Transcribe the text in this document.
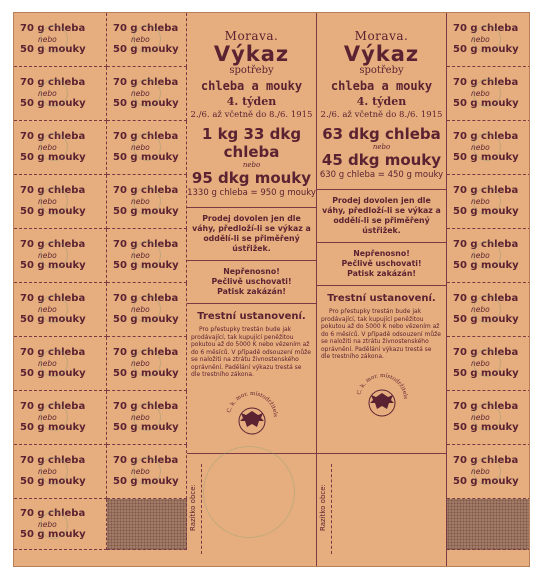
70 g chleba
nebo
50 g mouky
70 g chleba
nebo
50 g mouky
70 g chleba
nebo
50 g mouky
70 g chleba
nebo
50 g mouky
70 g chleba
nebo
50 g mouky
70 g chleba
nebo
50 g mouky
70 g chleba
nebo
50 g mouky
70 g chleba
nebo
50 g mouky
70 g chleba
nebo
50 g mouky
70 g chleba
nebo
50 g mouky
70 g chleba
nebo
50 g mouky
70 g chleba
nebo
50 g mouky
70 g chleba
nebo
50 g mouky
70 g chleba
nebo
50 g mouky
70 g chleba
nebo
50 g mouky
70 g chleba
nebo
50 g mouky
70 g chleba
nebo
50 g mouky
70 g chleba
nebo
50 g mouky
70 g chleba
nebo
50 g mouky
Morava.
Výkaz
spotřeby
chleba a mouky
4. týden
2./6. až včetně do 8./6. 1915
1 kg 33 dkg chleba
nebo
95 dkg mouky
1330 g chleba = 950 g mouky
Prodej dovolen jen dle váhy, předloží-li se výkaz a oddělí-li se přiměřený ústřižek.
Nepřenosno!
Pečlivě uschovati!
Patisk zakázán!
Trestní ustanovení.
Pro přestupky trestán bude jak prodávající, tak kupující peněžitou pokutou až do 5000 K nebo vězením až do 6 měsíců. V případě odsouzení může se naložiti na ztrátu živnostenského oprávnění. Padělání výkazu trestá se dle trestního zákona.
C. k. mor. místodržitels
Razítko obce:
Morava.
Výkaz
spotřeby
chleba a mouky
4. týden
2./6. až včetně do 8./6. 1915
63 dkg chleba
nebo
45 dkg mouky
630 g chleba = 450 g mouky
Prodej dovolen jen dle váhy, předloží-li se výkaz a oddělí-li se přiměřený ústřižek.
Nepřenosno!
Pečlivě uschovati!
Patisk zakázán!
Trestní ustanovení.
Pro přestupky trestán bude jak prodávající, tak kupující peněžitou pokutou až do 5000 K nebo vězením až do 6 měsíců. V případě odsouzení může se naložiti na ztrátu živnostenského oprávnění. Padělání výkazu trestá se dle trestního zákona.
C. k. mor. místodržitels
Razítko obce:
70 g chleba
nebo
50 g mouky
70 g chleba
nebo
50 g mouky
70 g chleba
nebo
50 g mouky
70 g chleba
nebo
50 g mouky
70 g chleba
nebo
50 g mouky
70 g chleba
nebo
50 g mouky
70 g chleba
nebo
50 g mouky
70 g chleba
nebo
50 g mouky
70 g chleba
nebo
50 g mouky
